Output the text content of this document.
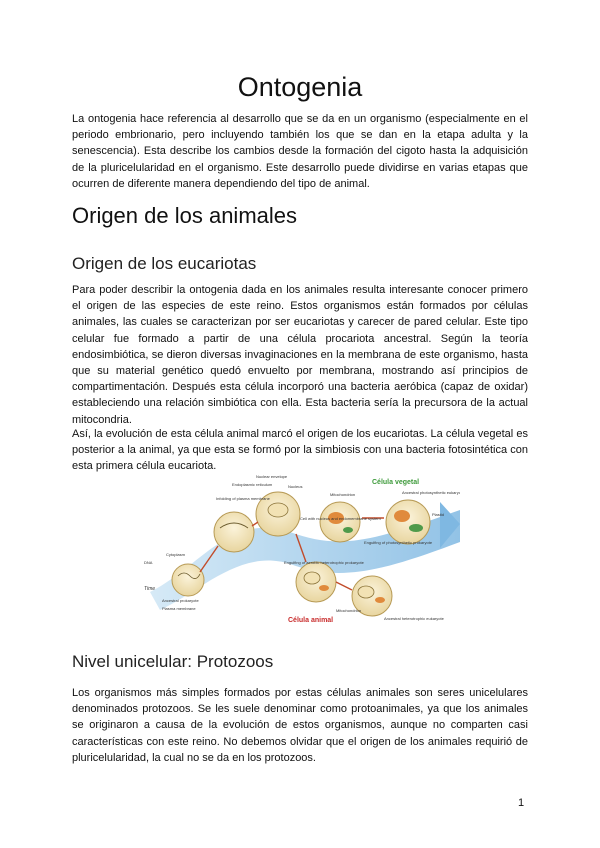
Ontogenia

La ontogenia hace referencia al desarrollo que se da en un organismo (especialmente en el periodo embrionario, pero incluyendo también los que se dan en la etapa adulta y la senescencia). Esta describe los cambios desde la formación del cigoto hasta la adquisición de la pluricelularidad en el organismo. Este desarrollo puede dividirse en varias etapas que ocurren de diferente manera dependiendo del tipo de animal.

Origen de los animales
Origen de los eucariotas

Para poder describir la ontogenia dada en los animales resulta interesante conocer primero el origen de las especies de este reino. Estos organismos están formados por células animales, las cuales se caracterizan por ser eucariotas y carecer de pared celular. Este tipo celular fue formado a partir de una célula procariota ancestral. Según la teoría endosimbiótica, se dieron diversas invaginaciones en la membrana de este organismo, hasta que su material genético quedó envuelto por membrana, mostrando así principios de compartimentación. Después esta célula incorporó una bacteria aeróbica (capaz de oxidar) estableciendo una relación simbiótica con ella. Esta bacteria sería la precursora de la actual mitocondria.

Así, la evolución de esta célula animal marcó el origen de los eucariotas. La célula vegetal es posterior a la animal, ya que esta se formó por la simbiosis con una bacteria fotosintética con esta primera célula eucariota.

DNA
Cytoplasm
Ancestral prokaryote
Plasma membrane
Time
Infolding of plasma membrane
Endoplasmic reticulum
Nuclear envelope
Nucleus
Cell with nucleus and endomembrane system
Mitochondrion	Ancestral photosynthetic eukaryote
Plastid
Engulfing of photosynthetic prokaryote
Engulfing of aerobic heterotrophic prokaryote
Mitochondrion
Ancestral heterotrophic eukaryote
Célula vegetal
Célula animal
Nivel unicelular: Protozoos

Los organismos más simples formados por estas células animales son seres unicelulares denominados protozoos. Se les suele denominar como protoanimales, ya que los animales se originaron a causa de la evolución de estos organismos, aunque no comparten casi características con este reino. No debemos olvidar que el origen de los animales requirió de pluricelularidad, la cual no se da en los protozoos.

1
